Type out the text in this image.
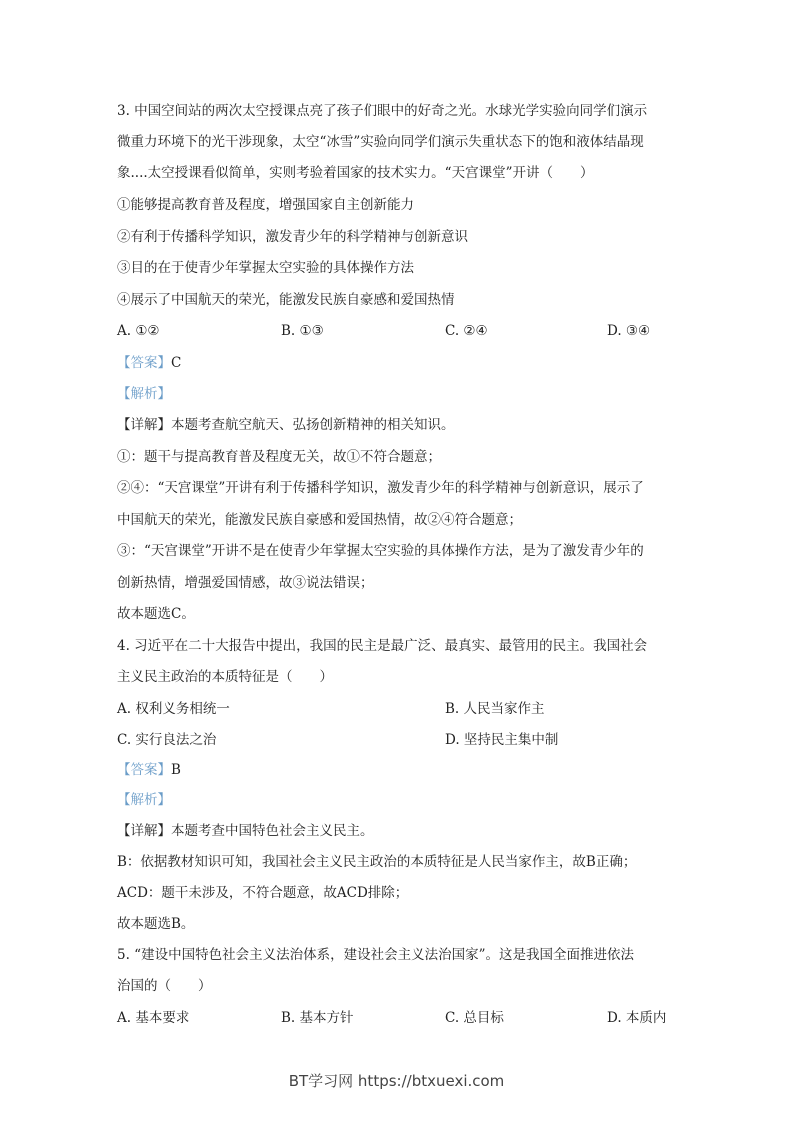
3. 中国空间站的两次太空授课点亮了孩子们眼中的好奇之光。水球光学实验向同学们演示
微重力环境下的光干涉现象，太空“冰雪”实验向同学们演示失重状态下的饱和液体结晶现
象....太空授课看似简单，实则考验着国家的技术实力。“天宫课堂”开讲（　　）
①能够提高教育普及程度，增强国家自主创新能力
②有利于传播科学知识，激发青少年的科学精神与创新意识
③目的在于使青少年掌握太空实验的具体操作方法
④展示了中国航天的荣光，能激发民族自豪感和爱国热情
A. ①②	B. ①③	C. ②④	D. ③④
【答案】C
【解析】
【详解】本题考查航空航天、弘扬创新精神的相关知识。
①：题干与提高教育普及程度无关，故①不符合题意；
②④：“天宫课堂”开讲有利于传播科学知识，激发青少年的科学精神与创新意识，展示了
中国航天的荣光，能激发民族自豪感和爱国热情，故②④符合题意；
③：“天宫课堂”开讲不是在使青少年掌握太空实验的具体操作方法，是为了激发青少年的
创新热情，增强爱国情感，故③说法错误；
故本题选C。
4. 习近平在二十大报告中提出，我国的民主是最广泛、最真实、最管用的民主。我国社会
主义民主政治的本质特征是（　　）
A. 权利义务相统一	B. 人民当家作主
C. 实行良法之治	D. 坚持民主集中制
【答案】B
【解析】
【详解】本题考查中国特色社会主义民主。
B：依据教材知识可知，我国社会主义民主政治的本质特征是人民当家作主，故B正确；
ACD：题干未涉及，不符合题意，故ACD排除；
故本题选B。
5. “建设中国特色社会主义法治体系，建设社会主义法治国家”。这是我国全面推进依法
治国的（　　）
A. 基本要求	B. 基本方针	C. 总目标	D. 本质内
BT学习网 https://btxuexi.com
